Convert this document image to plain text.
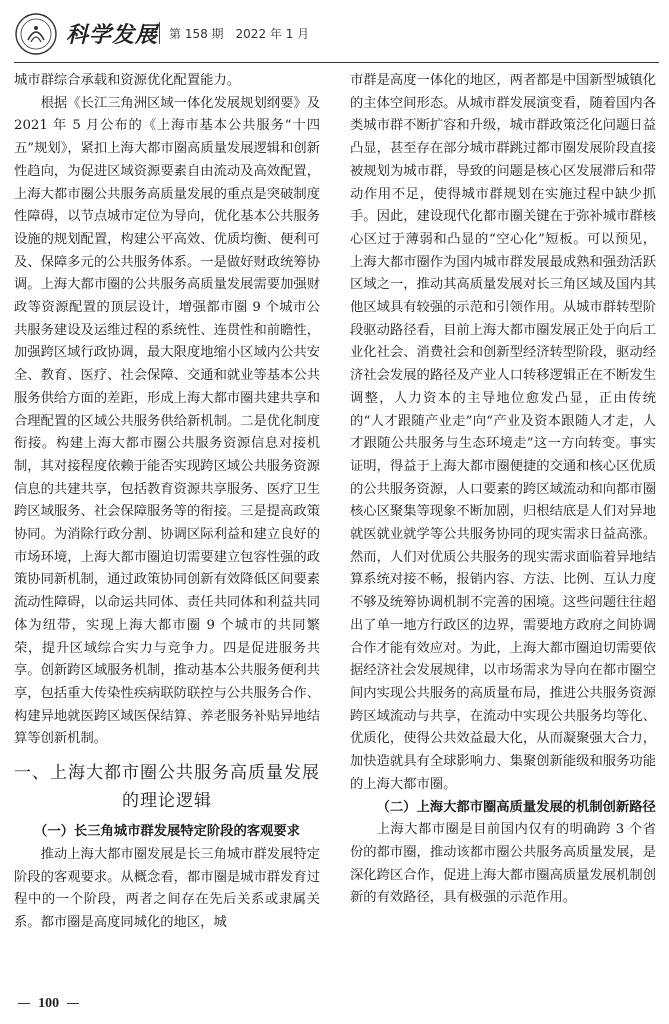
科学发展 第 158 期　2022 年 1 月

城市群综合承载和资源优化配置能力。

根据《长江三角洲区域一体化发展规划纲要》及 2021 年 5 月公布的《上海市基本公共服务“十四五”规划》，紧扣上海大都市圈高质量发展逻辑和创新性趋向，为促进区域资源要素自由流动及高效配置，上海大都市圈公共服务高质量发展的重点是突破制度性障碍，以节点城市定位为导向，优化基本公共服务设施的规划配置，构建公平高效、优质均衡、便利可及、保障多元的公共服务体系。一是做好财政统筹协调。上海大都市圈的公共服务高质量发展需要加强财政等资源配置的顶层设计，增强都市圈 9 个城市公共服务建设及运维过程的系统性、连贯性和前瞻性，加强跨区域行政协调，最大限度地缩小区域内公共安全、教育、医疗、社会保障、交通和就业等基本公共服务供给方面的差距，形成上海大都市圈共建共享和合理配置的区域公共服务供给新机制。二是优化制度衔接。构建上海大都市圈公共服务资源信息对接机制，其对接程度依赖于能否实现跨区域公共服务资源信息的共建共享，包括教育资源共享服务、医疗卫生跨区域服务、社会保障服务等的衔接。三是提高政策协同。为消除行政分割、协调区际利益和建立良好的市场环境，上海大都市圈迫切需要建立包容性强的政策协同新机制，通过政策协同创新有效降低区间要素流动性障碍，以命运共同体、责任共同体和利益共同体为纽带，实现上海大都市圈 9 个城市的共同繁荣，提升区域综合实力与竞争力。四是促进服务共享。创新跨区域服务机制，推动基本公共服务便利共享，包括重大传染性疾病联防联控与公共服务合作、构建异地就医跨区域医保结算、养老服务补贴异地结算等创新机制。

一、上海大都市圈公共服务高质量发展的理论逻辑
（一）长三角城市群发展特定阶段的客观要求

推动上海大都市圈发展是长三角城市群发展特定阶段的客观要求。从概念看，都市圈是城市群发育过程中的一个阶段，两者之间存在先后关系或隶属关系。都市圈是高度同城化的地区，城

市群是高度一体化的地区，两者都是中国新型城镇化的主体空间形态。从城市群发展演变看，随着国内各类城市群不断扩容和升级，城市群政策泛化问题日益凸显，甚至存在部分城市群跳过都市圈发展阶段直接被规划为城市群，导致的问题是核心区发展滞后和带动作用不足，使得城市群规划在实施过程中缺少抓手。因此，建设现代化都市圈关键在于弥补城市群核心区过于薄弱和凸显的“空心化”短板。可以预见，上海大都市圈作为国内城市群发展最成熟和强劲活跃区域之一，推动其高质量发展对长三角区域及国内其他区域具有较强的示范和引领作用。从城市群转型阶段驱动路径看，目前上海大都市圈发展正处于向后工业化社会、消费社会和创新型经济转型阶段，驱动经济社会发展的路径及产业人口转移逻辑正在不断发生调整，人力资本的主导地位愈发凸显，正由传统的“人才跟随产业走”向“产业及资本跟随人才走，人才跟随公共服务与生态环境走”这一方向转变。事实证明，得益于上海大都市圈便捷的交通和核心区优质的公共服务资源，人口要素的跨区域流动和向都市圈核心区聚集等现象不断加剧，归根结底是人们对异地就医就业就学等公共服务协同的现实需求日益高涨。然而，人们对优质公共服务的现实需求面临着异地结算系统对接不畅，报销内容、方法、比例、互认力度不够及统筹协调机制不完善的困境。这些问题往往超出了单一地方行政区的边界，需要地方政府之间协调合作才能有效应对。为此，上海大都市圈迫切需要依据经济社会发展规律，以市场需求为导向在都市圈空间内实现公共服务的高质量布局，推进公共服务资源跨区域流动与共享，在流动中实现公共服务均等化、优质化，使得公共效益最大化，从而凝聚强大合力，加快造就具有全球影响力、集聚创新能级和服务功能的上海大都市圈。

（二）上海大都市圈高质量发展的机制创新路径

上海大都市圈是目前国内仅有的明确跨 3 个省份的都市圈，推动该都市圈公共服务高质量发展，是深化跨区合作，促进上海大都市圈高质量发展机制创新的有效路径，具有极强的示范作用。

100
